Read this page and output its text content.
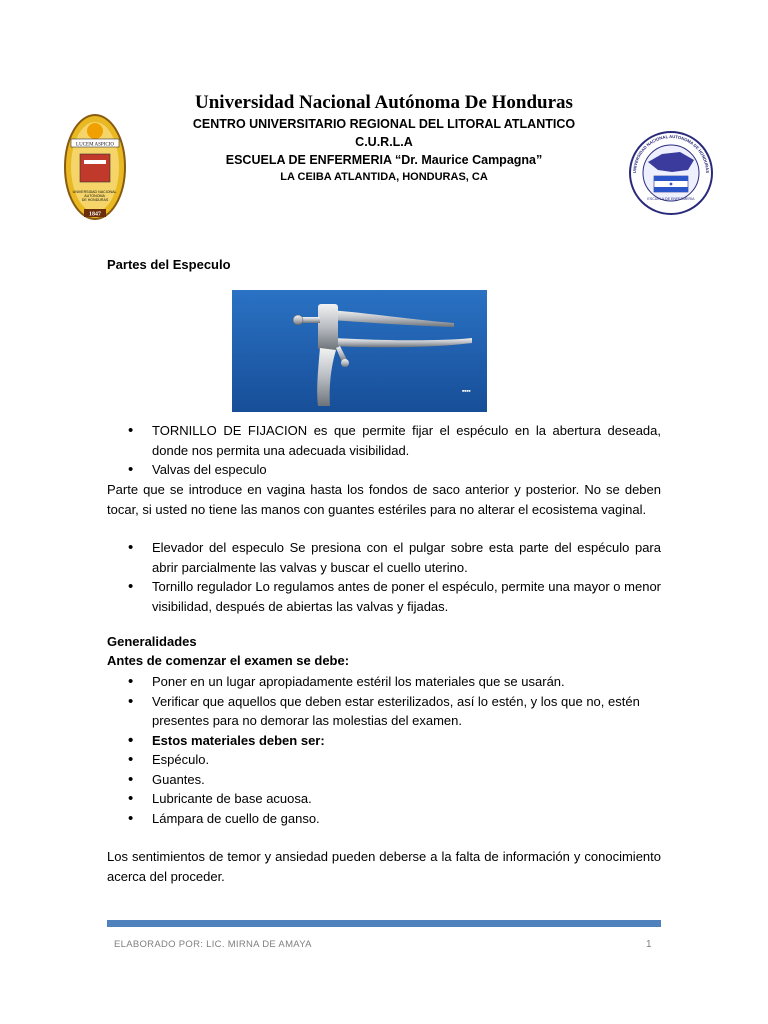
Universidad Nacional Autónoma De Honduras
CENTRO UNIVERSITARIO REGIONAL DEL LITORAL ATLANTICO
C.U.R.L.A
ESCUELA DE ENFERMERIA “Dr. Maurice Campagna”
LA CEIBA ATLANTIDA, HONDURAS, CA
LUCEM ASPICIO
UNIVERSIDAD NACIONAL AUTONOMA DE HONDURAS
1847
ESCUELA DE ENFERMERIA
UNIVERSIDAD NACIONAL AUTONOMA DE HONDURAS
Partes del Especulo
■■■■
• TORNILLO DE FIJACION es que permite fijar el espéculo en la abertura deseada, donde nos permita una adecuada visibilidad.
• Valvas del especulo
Parte que se introduce en vagina hasta los fondos de saco anterior y posterior. No se deben tocar, si usted no tiene las manos con guantes estériles para no alterar el ecosistema vaginal.
• Elevador del especulo Se presiona con el pulgar sobre esta parte del espéculo para abrir parcialmente las valvas y buscar el cuello uterino.
• Tornillo regulador Lo regulamos antes de poner el espéculo, permite una mayor o menor visibilidad, después de abiertas las valvas y fijadas.
Generalidades
Antes de comenzar el examen se debe:
• Poner en un lugar apropiadamente estéril los materiales que se usarán.
• Verificar que aquellos que deben estar esterilizados, así lo estén, y los que no, estén presentes para no demorar las molestias del examen.
• Estos materiales deben ser:
• Espéculo.
• Guantes.
• Lubricante de base acuosa.
• Lámpara de cuello de ganso.
Los sentimientos de temor y ansiedad pueden deberse a la falta de información y conocimiento acerca del proceder.
ELABORADO POR: LIC. MIRNA DE AMAYA	1
